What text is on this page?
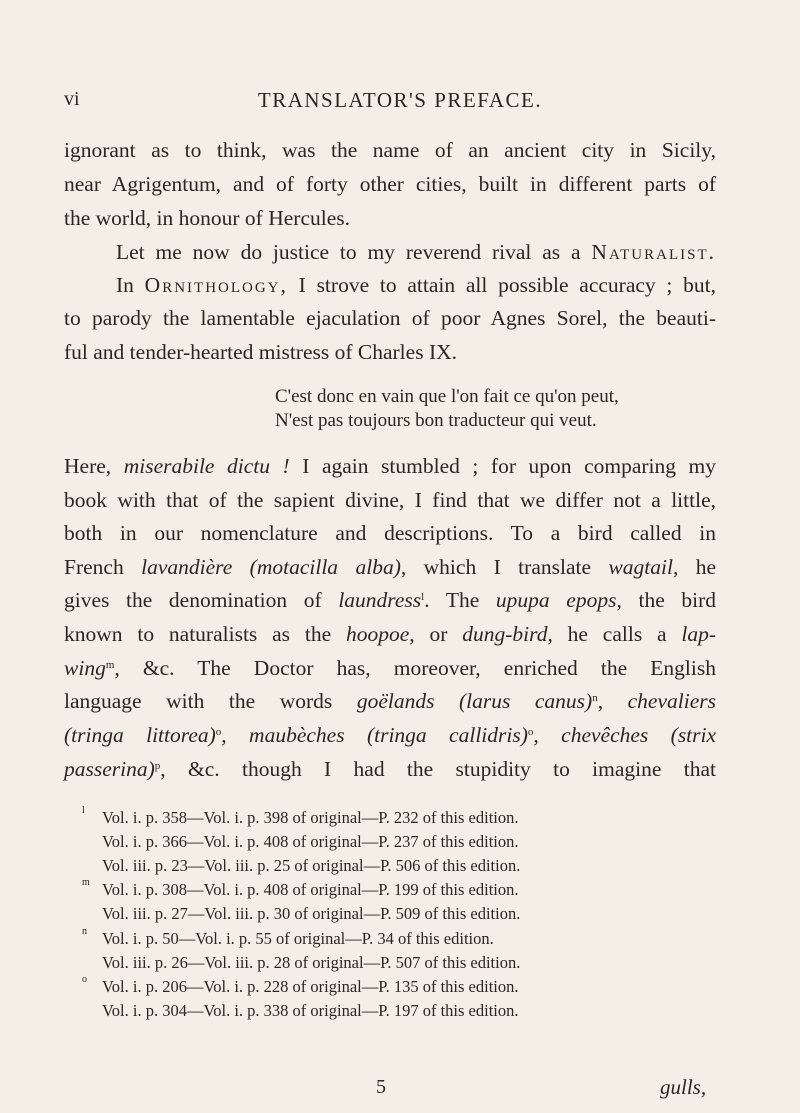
vi	TRANSLATOR'S PREFACE.
ignorant as to think, was the name of an ancient city in Sicily,
near Agrigentum, and of forty other cities, built in different parts of
the world, in honour of Hercules.
Let me now do justice to my reverend rival as a Naturalist.
In Ornithology, I strove to attain all possible accuracy ; but,
to parody the lamentable ejaculation of poor Agnes Sorel, the beauti-
ful and tender-hearted mistress of Charles IX.
C'est donc en vain que l'on fait ce qu'on peut,
N'est pas toujours bon traducteur qui veut.
Here, miserabile dictu ! I again stumbled ; for upon comparing my
book with that of the sapient divine, I find that we differ not a little,
both in our nomenclature and descriptions. To a bird called in
French lavandière (motacilla alba), which I translate wagtail, he
gives the denomination of laundress$^l$. The upupa epops, the bird
known to naturalists as the hoopoe, or dung-bird, he calls a lap-
wing$^m$, &c. The Doctor has, moreover, enriched the English
language with the words goëlands (larus canus)$^n$, chevaliers
(tringa littorea)$^o$, maubèches (tringa callidris)$^o$, chevêches (strix
passerina)$^p$, &c. though I had the stupidity to imagine that
l Vol. i. p. 358—Vol. i. p. 398 of original—P. 232 of this edition.
Vol. i. p. 366—Vol. i. p. 408 of original—P. 237 of this edition.
Vol. iii. p. 23—Vol. iii. p. 25 of original—P. 506 of this edition.
m Vol. i. p. 308—Vol. i. p. 408 of original—P. 199 of this edition.
Vol. iii. p. 27—Vol. iii. p. 30 of original—P. 509 of this edition.
n Vol. i. p. 50—Vol. i. p. 55 of original—P. 34 of this edition.
Vol. iii. p. 26—Vol. iii. p. 28 of original—P. 507 of this edition.
o Vol. i. p. 206—Vol. i. p. 228 of original—P. 135 of this edition.
Vol. i. p. 304—Vol. i. p. 338 of original—P. 197 of this edition.
5	gulls,
